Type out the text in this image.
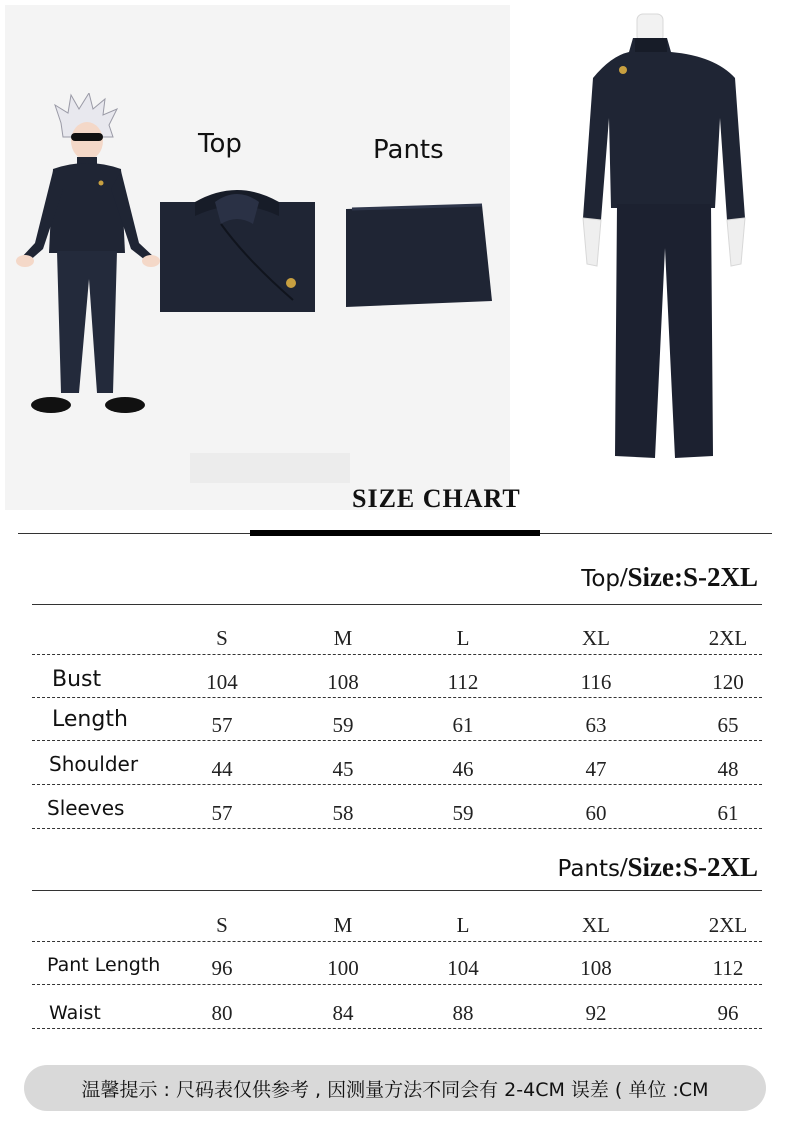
Top	Pants
SIZE CHART
Top/Size:S-2XL
S	M	L	XL	2XL
Bust	104	108	112	116	120
Length	57	59	61	63	65
Shoulder	44	45	46	47	48
Sleeves	57	58	59	60	61
Pants/Size:S-2XL
S	M	L	XL	2XL
Pant Length 96	100	104	108	112
Waist	80	84	88	92	96
温馨提示 : 尺码表仅供参考 , 因测量方法不同会有 2-4CM 误差 ( 单位 :CM
